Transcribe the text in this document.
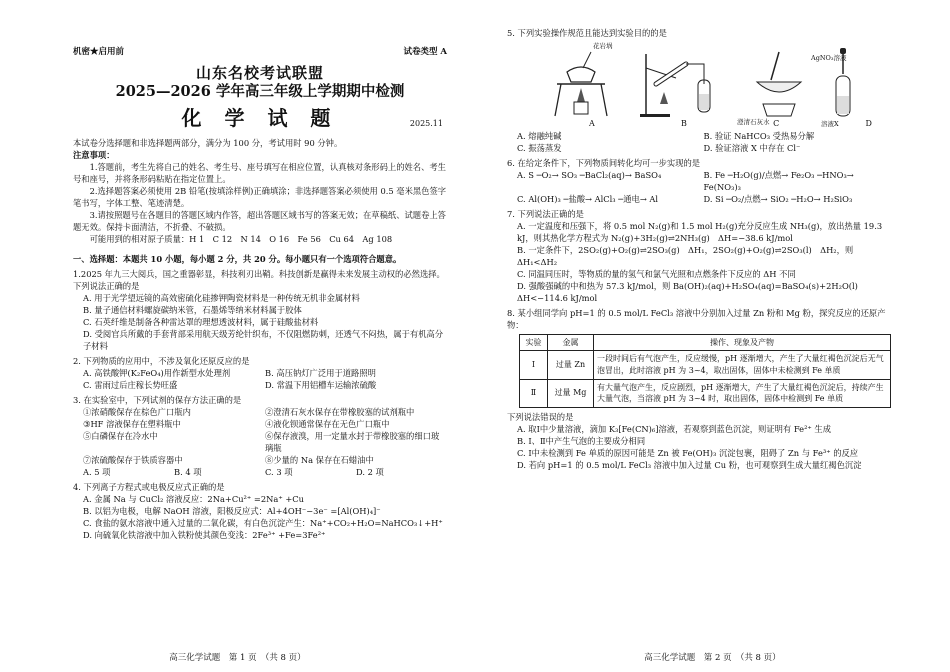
机密★启用前	试卷类型 A
山东名校考试联盟
2025—2026 学年高三年级上学期期中检测
化 学 试 题	2025.11
本试卷分选择题和非选择题两部分，满分为 100 分，考试用时 90 分钟。
注意事项：
1.答题前，考生先将自己的姓名、考生号、座号填写在相应位置，认真核对条形码上的姓名、考生号和座号，并将条形码粘贴在指定位置上。
2.选择题答案必须使用 2B 铅笔(按填涂样例)正确填涂；非选择题答案必须使用 0.5 毫米黑色签字笔书写，字体工整、笔迹清楚。
3.请按照题号在各题目的答题区域内作答，超出答题区域书写的答案无效；在草稿纸、试题卷上答题无效。保持卡面清洁，不折叠、不破损。
可能用到的相对原子质量：H 1　C 12　N 14　O 16　Fe 56　Cu 64　Ag 108
一、选择题：本题共 10 小题，每小题 2 分，共 20 分。每小题只有一个选项符合题意。
1.2025 年九三大阅兵，国之重器彰显，科技利刃出鞘。科技创新是赢得未来发展主动权的必然选择。下列说法正确的是
A. 用于光学望远镜的高效密硫化硅掺钾陶瓷材料是一种传统无机非金属材料
B. 量子通信材料螺旋碳纳米管，石墨烯等纳米材料属于胶体
C. 石英纤维是制备各种雷达罩的理想透波材料，属于硅酸盐材料
D. 受阅官兵所戴的手套背部采用航天级芳纶针织布，不仅阻燃防刺，还透气不闷热，属于有机高分子材料
2. 下列物质的应用中，不涉及氧化还原反应的是
A. 高铁酸钾(K₂FeO₄)用作新型水处理剂	B. 高压钠灯广泛用于道路照明
C. 雷雨过后庄稼长势旺盛	D. 常温下用铝槽车运输浓硫酸
3. 在实验室中，下列试剂的保存方法正确的是
①浓硝酸保存在棕色广口瓶内	②澄清石灰水保存在带橡胶塞的试剂瓶中
③HF 溶液保存在塑料瓶中	④液化钡通常保存在无色广口瓶中
⑤白磷保存在冷水中	⑥保存液溴，用一定量水封于带橡胶塞的细口玻璃瓶
⑦浓硫酸保存于铁质容器中	⑧少量的 Na 保存在石蜡油中
A. 5 项	B. 4 项	C. 3 项	D. 2 项
4. 下列离子方程式或电极反应式正确的是
A. 金属 Na 与 CuCl₂ 溶液反应：2Na+Cu²⁺ =2Na⁺ +Cu
B. 以铝为电极，电解 NaOH 溶液，阳极反应式：Al+4OH⁻−3e⁻ =[Al(OH)₄]⁻
C. 食盐的氨水溶液中通入过量的二氧化碳，有白色沉淀产生：Na⁺+CO₂+H₂O=NaHCO₃↓+H⁺
D. 向硫氧化铁溶液中加入铁粉使其颜色变浅：2Fe³⁺ +Fe=3Fe²⁺
高三化学试题　第 1 页　（共 8 页）
5. 下列实验操作规范且能达到实验目的的是
A	B	C	D
花岩埚
澄清石灰水
AgNO₃溶液
溶液X
A. 熔融纯碱	B. 验证 NaHCO₃ 受热易分解
C. 振荡蒸发	D. 验证溶液 X 中存在 Cl⁻
6. 在给定条件下，下列物质间转化均可一步实现的是
A. S ─O₂→ SO₃ ─BaCl₂(aq)→ BaSO₄	B. Fe ─H₂O(g)/点燃→ Fe₂O₃ ─HNO₃→ Fe(NO₃)₃
C. Al(OH)₃ ─盐酸→ AlCl₃ ─通电→ Al	D. Si ─O₂/点燃→ SiO₂ ─H₂O→ H₂SiO₃
7. 下列说法正确的是
A. 一定温度和压强下，将 0.5 mol N₂(g)和 1.5 mol H₂(g)充分反应生成 NH₃(g)，放出热量 19.3 kJ，则其热化学方程式为 N₂(g)+3H₂(g)⇌2NH₃(g)　ΔH=−38.6 kJ/mol
B. 一定条件下，2SO₂(g)+O₂(g)⇌2SO₃(g)　ΔH₁，2SO₂(g)+O₂(g)⇌2SO₃(l)　ΔH₂，则 ΔH₁<ΔH₂
C. 同温同压时，等物质的量的氢气和氯气光照和点燃条件下反应的 ΔH 不同
D. 强酸强碱的中和热为 57.3 kJ/mol，则 Ba(OH)₂(aq)+H₂SO₄(aq)=BaSO₄(s)+2H₂O(l)　ΔH<−114.6 kJ/mol
8. 某小组同学向 pH=1 的 0.5 mol/L FeCl₃ 溶液中分别加入过量 Zn 粉和 Mg 粉，探究反应的还原产物：
实验	金属	操作、现象及产物
Ⅰ	过量 Zn	一段时间后有气泡产生，反应缓慢，pH 逐渐增大，产生了大量红褐色沉淀后无气泡冒出，此时溶液 pH 为 3~4，取出固体，固体中未检测到 Fe 单质
Ⅱ	过量 Mg	有大量气泡产生，反应剧烈，pH 逐渐增大，产生了大量红褐色沉淀后，持续产生大量气泡，当溶液 pH 为 3~4 时，取出固体，固体中检测到 Fe 单质
下列说法错误的是
A. 取Ⅰ中少量溶液，滴加 K₃[Fe(CN)₆]溶液，若观察到蓝色沉淀，则证明有 Fe²⁺ 生成
B. Ⅰ、Ⅱ中产生气泡的主要成分相同
C. Ⅰ中未检测到 Fe 单质的原因可能是 Zn 被 Fe(OH)₃ 沉淀包裹，阻碍了 Zn 与 Fe³⁺ 的反应
D. 若向 pH=1 的 0.5 mol/L FeCl₃ 溶液中加入过量 Cu 粉，也可观察到生成大量红褐色沉淀
高三化学试题　第 2 页　（共 8 页）
